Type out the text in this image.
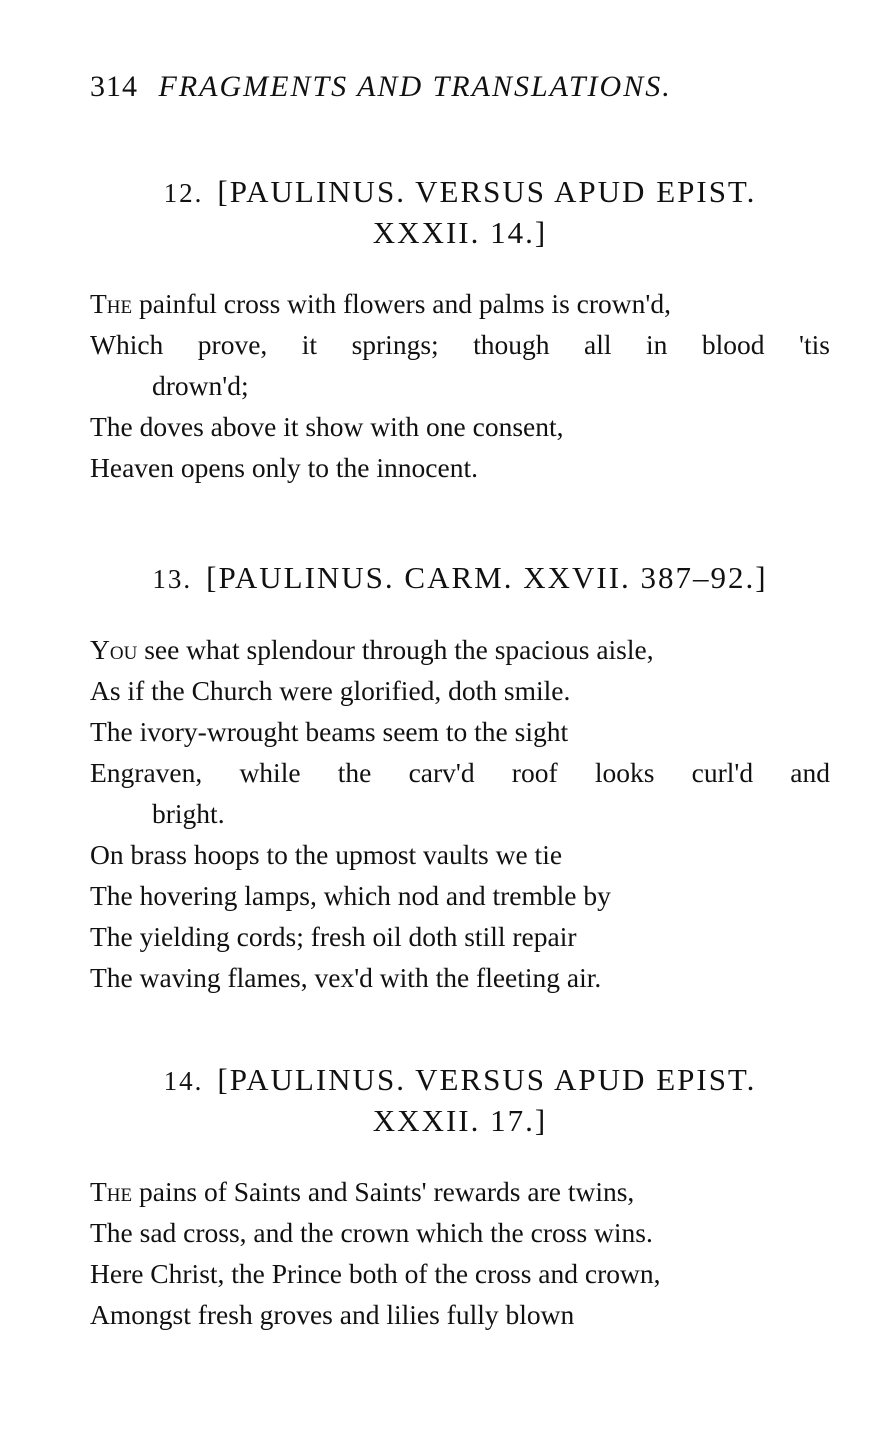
314 FRAGMENTS AND TRANSLATIONS.
12. [PAULINUS. VERSUS APUD EPIST.
XXXII. 14.]
The painful cross with flowers and palms is crown'd,
Which prove, it springs; though all in blood 'tis
drown'd;
The doves above it show with one consent,
Heaven opens only to the innocent.
13. [PAULINUS. CARM. XXVII. 387–92.]
You see what splendour through the spacious aisle,
As if the Church were glorified, doth smile.
The ivory-wrought beams seem to the sight
Engraven, while the carv'd roof looks curl'd and
bright.
On brass hoops to the upmost vaults we tie
The hovering lamps, which nod and tremble by
The yielding cords; fresh oil doth still repair
The waving flames, vex'd with the fleeting air.
14. [PAULINUS. VERSUS APUD EPIST.
XXXII. 17.]
The pains of Saints and Saints' rewards are twins,
The sad cross, and the crown which the cross wins.
Here Christ, the Prince both of the cross and crown,
Amongst fresh groves and lilies fully blown
